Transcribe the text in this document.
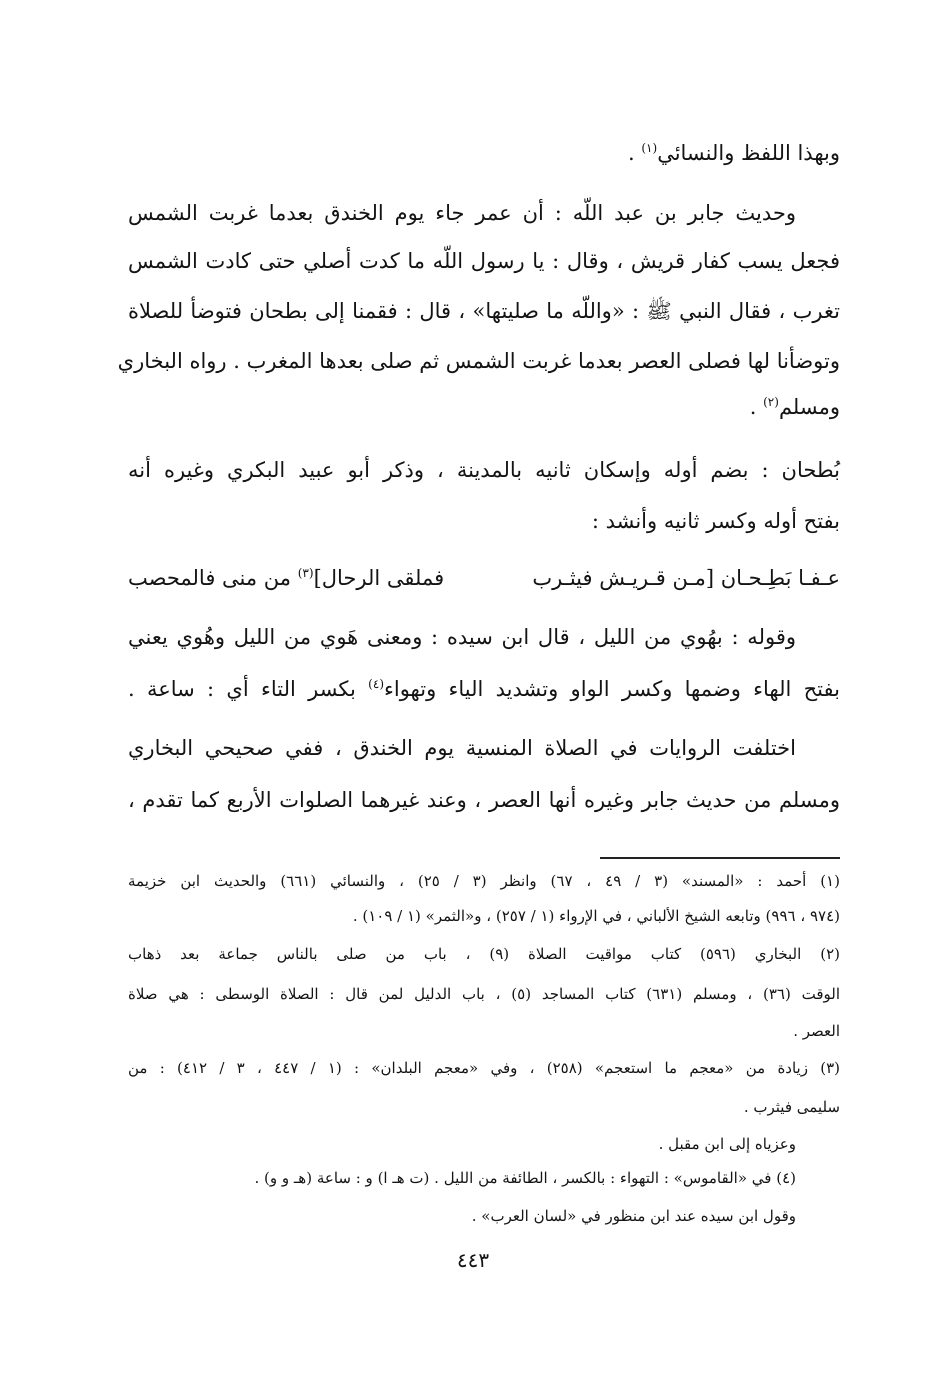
وبهذا اللفظ والنسائي$^{(١)}$ .
وحديث جابر بن عبد اللّه : أن عمر جاء يوم الخندق بعدما غربت الشمس
فجعل يسب كفار قريش ، وقال : يا رسول اللّه ما كدت أصلي حتى كادت الشمس
تغرب ، فقال النبي ﷺ : «واللّه ما صليتها» ، قال : فقمنا إلى بطحان فتوضأ للصلاة
وتوضأنا لها فصلى العصر بعدما غربت الشمس ثم صلى بعدها المغرب . رواه البخاري
ومسلم$^{(٢)}$ .
بُطحان : بضم أوله وإسكان ثانيه بالمدينة ، وذكر أبو عبيد البكري وغيره أنه
بفتح أوله وكسر ثانيه وأنشد :
وقوله : بهُوي من الليل ، قال ابن سيده : ومعنى هَوي من الليل وهُوي يعني
بفتح الهاء وضمها وكسر الواو وتشديد الياء وتهواء$^{(٤)}$ بكسر التاء أي : ساعة .
اختلفت الروايات في الصلاة المنسية يوم الخندق ، ففي صحيحي البخاري
ومسلم من حديث جابر وغيره أنها العصر ، وعند غيرهما الصلوات الأربع كما تقدم ،
عـفـا بَطِـحـان [مـن قـريـش فيثـرب
فملقى الرحال]$^{(٣)}$ من منى فالمحصب
(١) أحمد : «المسند» (٣ / ٤٩ ، ٦٧) وانظر (٣ / ٢٥) ، والنسائي (٦٦١) والحديث ابن خزيمة
(٩٧٤ ، ٩٩٦) وتابعه الشيخ الألباني ، في الإرواء (١ / ٢٥٧) ، و«الثمر» (١ / ١٠٩) .
(٢) البخاري (٥٩٦) كتاب مواقيت الصلاة (٩) ، باب من صلى بالناس جماعة بعد ذهاب
الوقت (٣٦) ، ومسلم (٦٣١) كتاب المساجد (٥) ، باب الدليل لمن قال : الصلاة الوسطى : هي صلاة
العصر .
(٣) زيادة من «معجم ما استعجم» (٢٥٨) ، وفي «معجم البلدان» : (١ / ٤٤٧ ، ٣ / ٤١٢) : من
سليمى فيثرب .
وعزياه إلى ابن مقبل .
(٤) في «القاموس» : التهواء : بالكسر ، الطائفة من الليل . (ت هـ ا) و : ساعة (هـ و و) .
وقول ابن سيده عند ابن منظور في «لسان العرب» .
٤٤٣
